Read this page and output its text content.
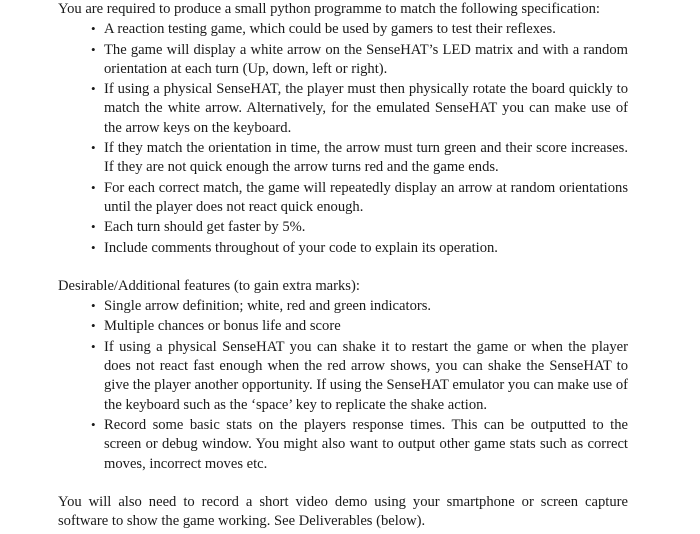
You are required to produce a small python programme to match the following specification:

• A reaction testing game, which could be used by gamers to test their reflexes.
• The game will display a white arrow on the SenseHAT’s LED matrix and with a random orientation at each turn (Up, down, left or right).
• If using a physical SenseHAT, the player must then physically rotate the board quickly to match the white arrow. Alternatively, for the emulated SenseHAT you can make use of the arrow keys on the keyboard.
• If they match the orientation in time, the arrow must turn green and their score increases. If they are not quick enough the arrow turns red and the game ends.
• For each correct match, the game will repeatedly display an arrow at random orientations until the player does not react quick enough.
• Each turn should get faster by 5%.
• Include comments throughout of your code to explain its operation.

Desirable/Additional features (to gain extra marks):

• Single arrow definition; white, red and green indicators.
• Multiple chances or bonus life and score
• If using a physical SenseHAT you can shake it to restart the game or when the player does not react fast enough when the red arrow shows, you can shake the SenseHAT to give the player another opportunity. If using the SenseHAT emulator you can make use of the keyboard such as the ‘space’ key to replicate the shake action.
• Record some basic stats on the players response times. This can be outputted to the screen or debug window. You might also want to output other game stats such as correct moves, incorrect moves etc.

You will also need to record a short video demo using your smartphone or screen capture software to show the game working. See Deliverables (below).
